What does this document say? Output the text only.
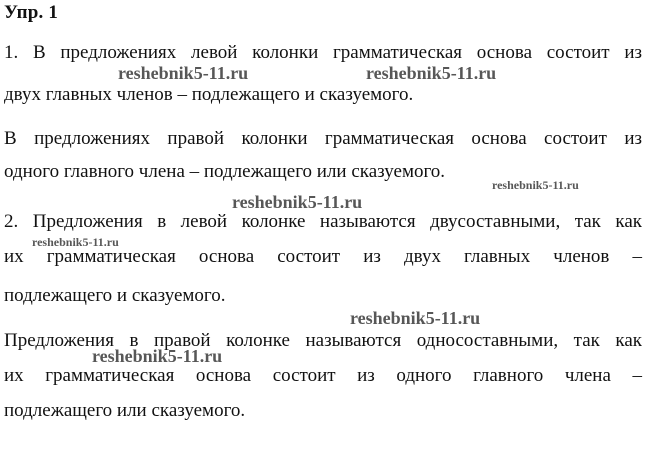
Упр. 1
1. В предложениях левой колонки грамматическая основа состоит из
двух главных членов – подлежащего и сказуемого.
В предложениях правой колонки грамматическая основа состоит из
одного главного члена – подлежащего или сказуемого.
2. Предложения в левой колонке называются двусоставными, так как
их грамматическая основа состоит из двух главных членов –
подлежащего и сказуемого.
Предложения в правой колонке называются односоставными, так как
их грамматическая основа состоит из одного главного члена –
подлежащего или сказуемого.
reshebnik5-11.ru	reshebnik5-11.ru
reshebnik5-11.ru
reshebnik5-11.ru
reshebnik5-11.ru
reshebnik5-11.ru
reshebnik5-11.ru
